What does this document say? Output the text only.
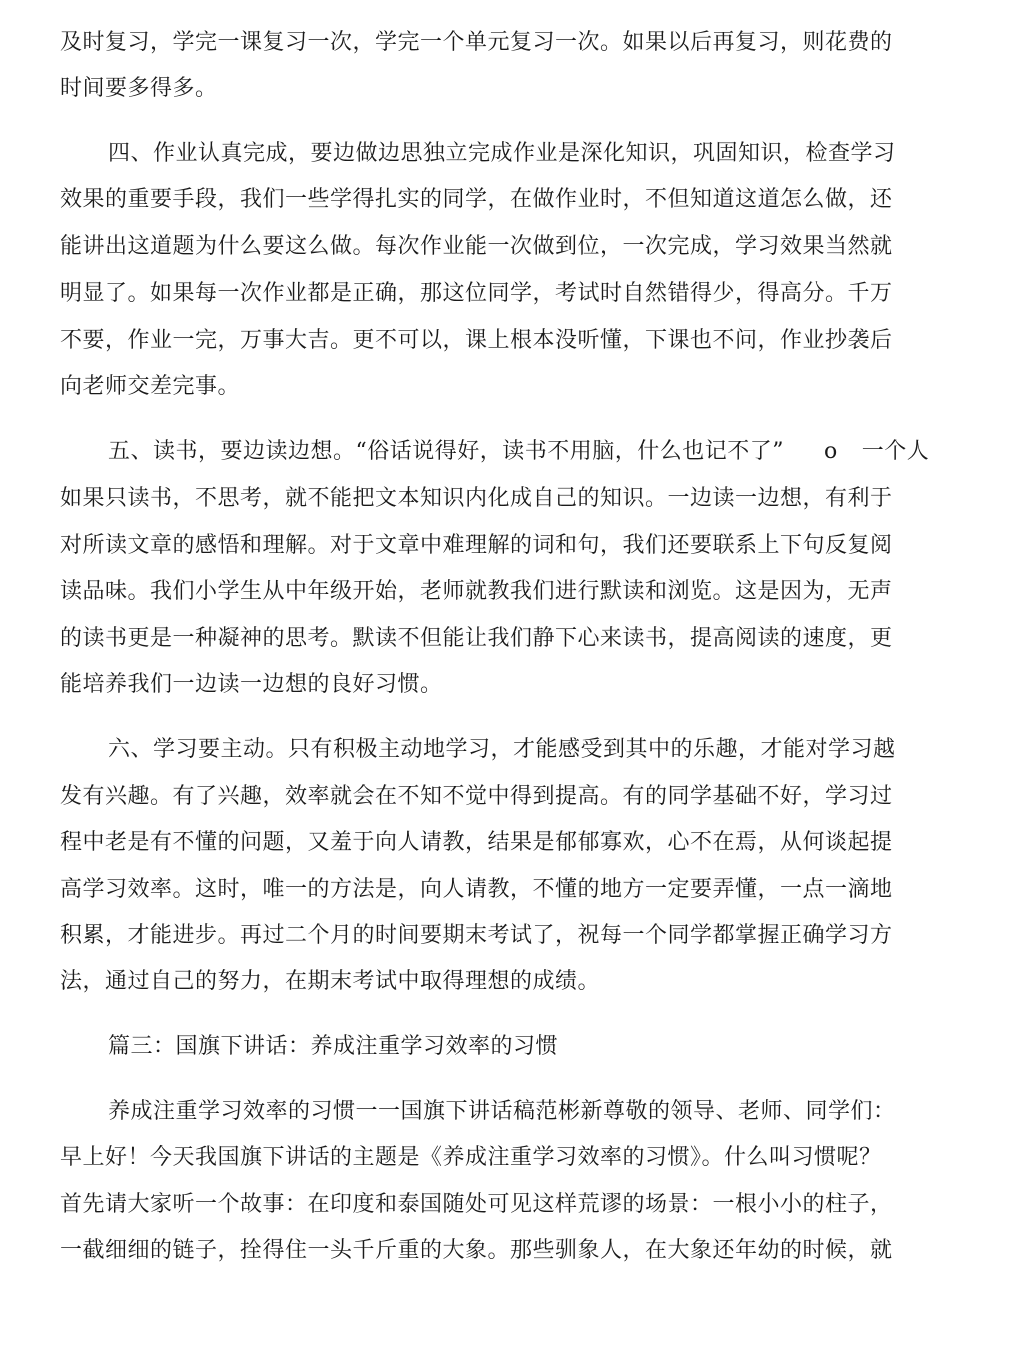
及时复习，学完一课复习一次，学完一个单元复习一次。如果以后再复习，则花费的
时间要多得多。
四、作业认真完成，要边做边思独立完成作业是深化知识，巩固知识，检查学习
效果的重要手段，我们一些学得扎实的同学，在做作业时，不但知道这道怎么做，还
能讲出这道题为什么要这么做。每次作业能一次做到位，一次完成，学习效果当然就
明显了。如果每一次作业都是正确，那这位同学，考试时自然错得少，得高分。千万
不要，作业一完，万事大吉。更不可以，课上根本没听懂，下课也不问，作业抄袭后
向老师交差完事。
五、读书，要边读边想。“俗话说得好，读书不用脑，什么也记不了” o 一个人
如果只读书，不思考，就不能把文本知识内化成自己的知识。一边读一边想，有利于
对所读文章的感悟和理解。对于文章中难理解的词和句，我们还要联系上下句反复阅
读品味。我们小学生从中年级开始，老师就教我们进行默读和浏览。这是因为，无声
的读书更是一种凝神的思考。默读不但能让我们静下心来读书，提高阅读的速度，更
能培养我们一边读一边想的良好习惯。
六、学习要主动。只有积极主动地学习，才能感受到其中的乐趣，才能对学习越
发有兴趣。有了兴趣，效率就会在不知不觉中得到提高。有的同学基础不好，学习过
程中老是有不懂的问题，又羞于向人请教，结果是郁郁寡欢，心不在焉，从何谈起提
高学习效率。这时，唯一的方法是，向人请教，不懂的地方一定要弄懂，一点一滴地
积累，才能进步。再过二个月的时间要期末考试了，祝每一个同学都掌握正确学习方
法，通过自己的努力，在期末考试中取得理想的成绩。
篇三：国旗下讲话：养成注重学习效率的习惯
养成注重学习效率的习惯一一国旗下讲话稿范彬新尊敬的领导、老师、同学们：
早上好！今天我国旗下讲话的主题是《养成注重学习效率的习惯》。什么叫习惯呢？
首先请大家听一个故事：在印度和泰国随处可见这样荒谬的场景：一根小小的柱子，
一截细细的链子，拴得住一头千斤重的大象。那些驯象人，在大象还年幼的时候，就
